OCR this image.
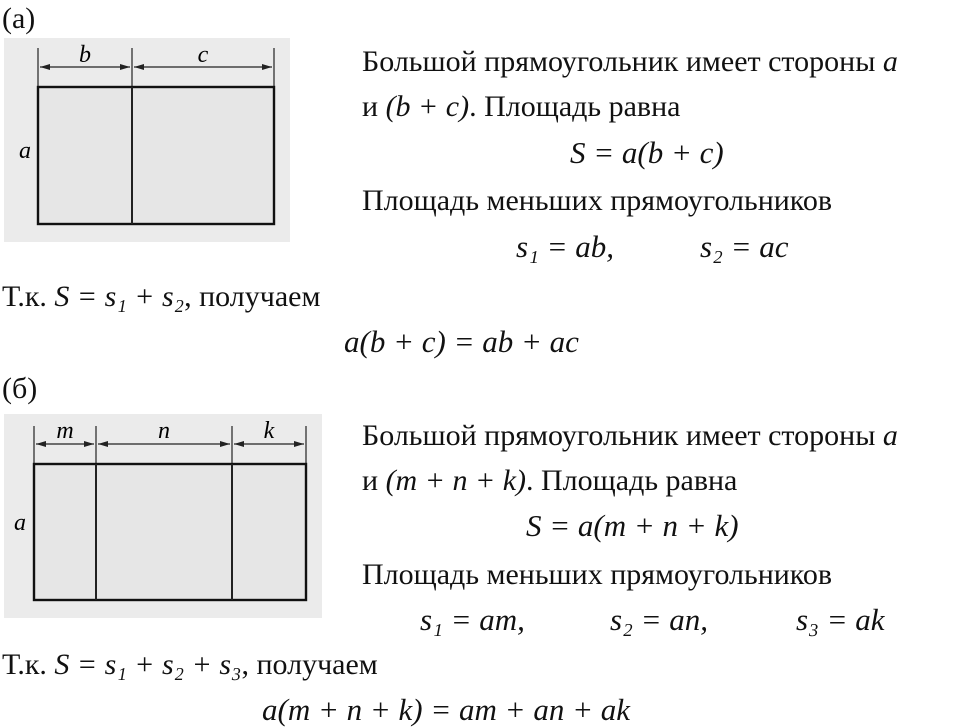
(а)
b	c
a
Большой прямоугольник имеет стороны a
и (b + c). Площадь равна
S = a(b + c)
Площадь меньших прямоугольников
s₁ = ab,	s₂ = ac
Т.к. S = s₁ + s₂, получаем
a(b + c) = ab + ac
(б)
m	n	k
a
Большой прямоугольник имеет стороны a
и (m + n + k). Площадь равна
S = a(m + n + k)
Площадь меньших прямоугольников
s₁ = am,	s₂ = an,	s₃ = ak
Т.к. S = s₁ + s₂ + s₃, получаем
a(m + n + k) = am + an + ak
